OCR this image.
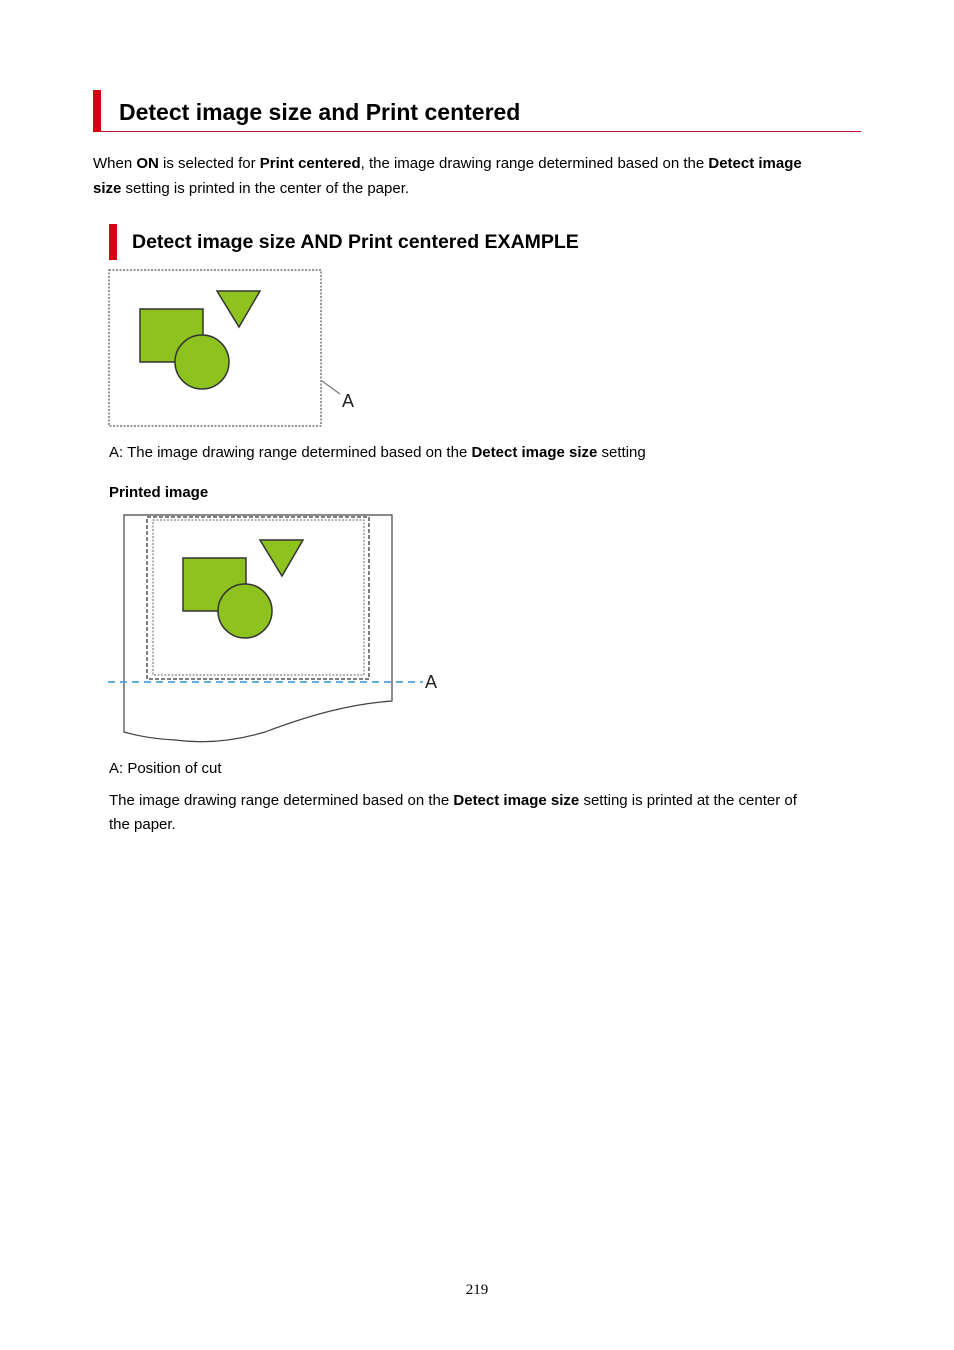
Detect image size and Print centered
When ON is selected for Print centered, the image drawing range determined based on the Detect image
size setting is printed in the center of the paper.
Detect image size AND Print centered EXAMPLE
A
A: The image drawing range determined based on the Detect image size setting
Printed image
A
A: Position of cut
The image drawing range determined based on the Detect image size setting is printed at the center of
the paper.
219
